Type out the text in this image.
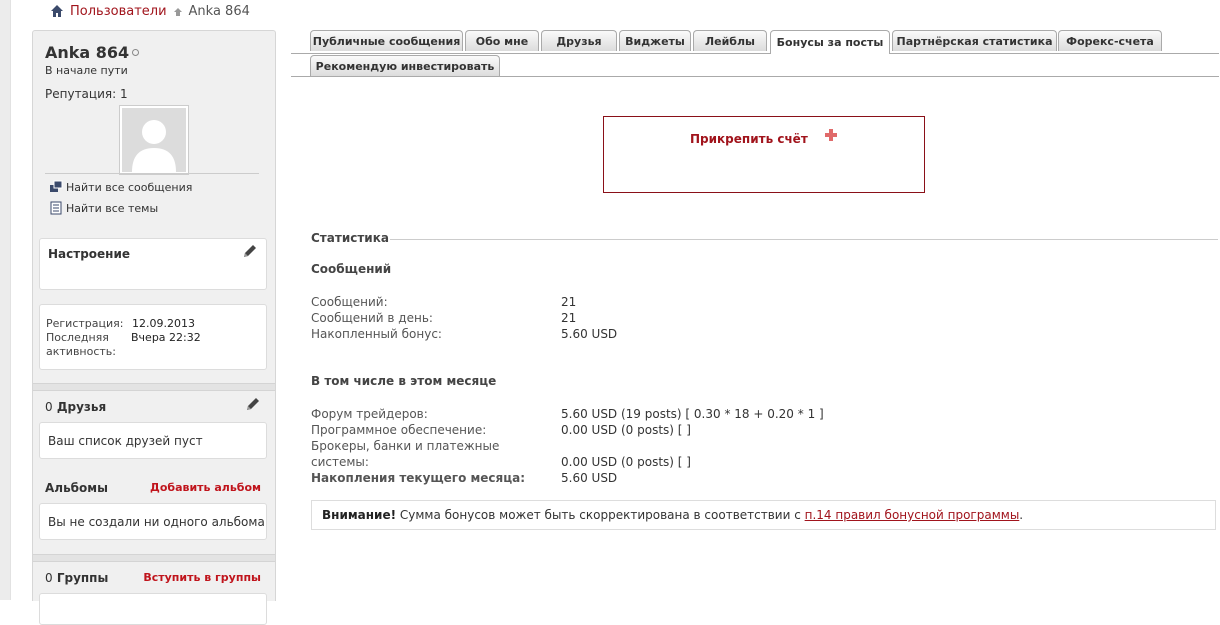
Пользователи Anka 864
Anka 864
В начале пути
Репутация: 1
Найти все сообщения
Найти все темы
Настроение
Регистрация: 12.09.2013
Последняя
активность:
Вчера 22:32
0 Друзья
Ваш список друзей пуст
Альбомы	Добавить альбом
Вы не создали ни одного альбома
0 Группы	Вступить в группы
Публичные сообщения	Обо мне	Друзья	Виджеты	Лейблы	Бонусы за посты	Партнёрская статистика	Форекс-счета
Рекомендую инвестировать
Прикрепить счёт
Статистика
Сообщений
Сообщений:	21
Сообщений в день:	21
Накопленный бонус:	5.60 USD
В том числе в этом месяце
Форум трейдеров:	5.60 USD (19 posts) [ 0.30 * 18 + 0.20 * 1 ]
Программное обеспечение:	0.00 USD (0 posts) [ ]
Брокеры, банки и платежные системы:	0.00 USD (0 posts) [ ]
Накопления текущего месяца:	5.60 USD
Внимание! Сумма бонусов может быть скорректирована в соответствии с п.14 правил бонусной программы.
